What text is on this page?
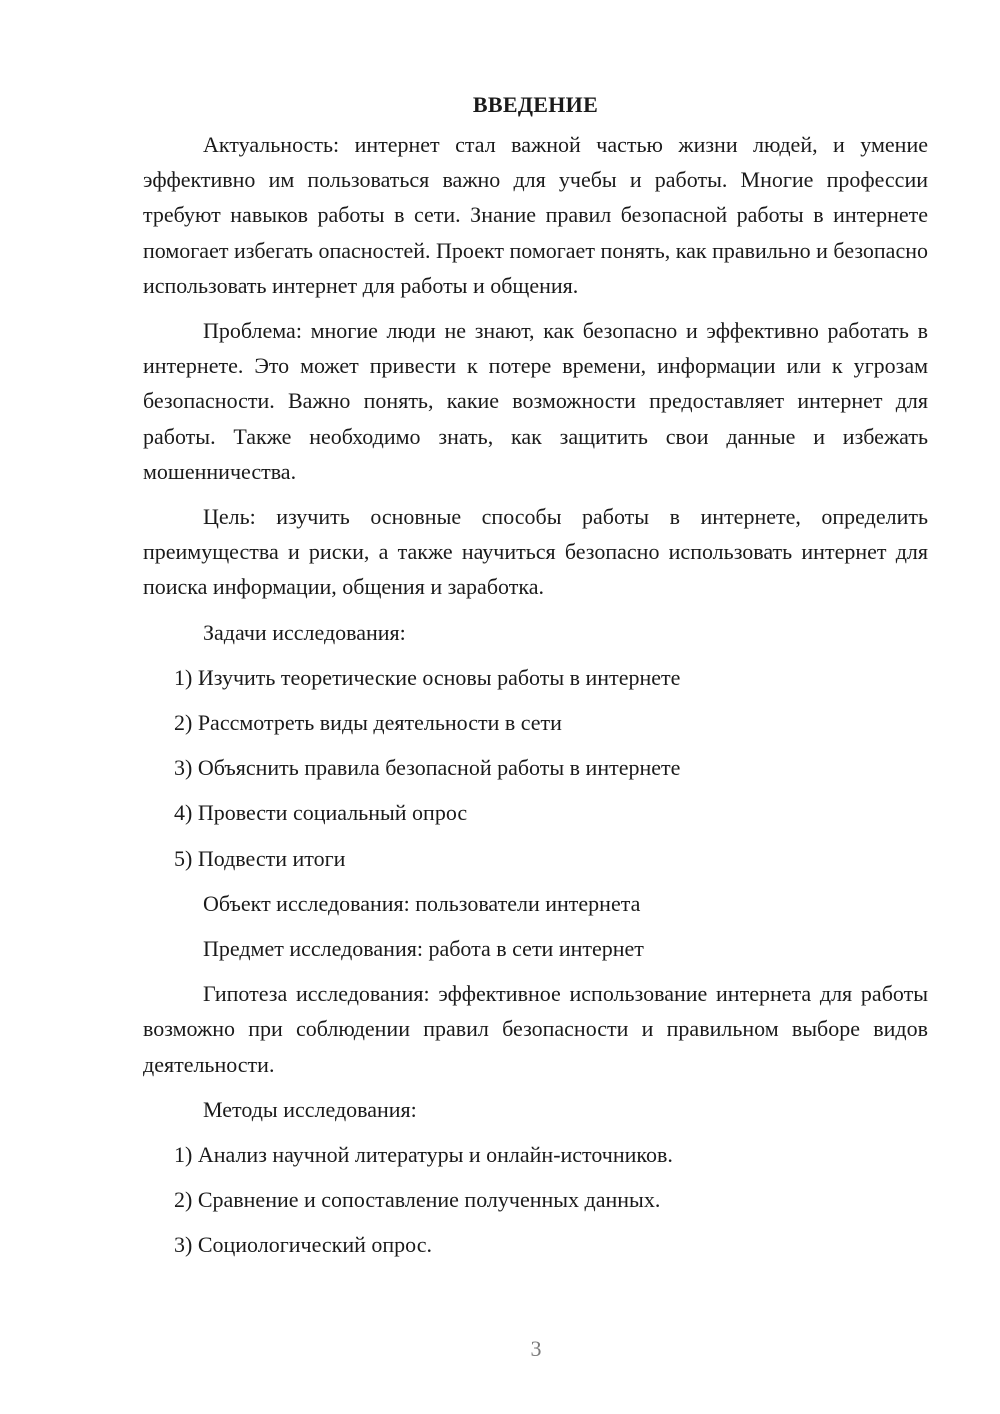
ВВЕДЕНИЕ

Актуальность: интернет стал важной частью жизни людей, и умение эффективно им пользоваться важно для учебы и работы. Многие профессии требуют навыков работы в сети. Знание правил безопасной работы в интернете помогает избегать опасностей. Проект помогает понять, как правильно и безопасно использовать интернет для работы и общения.

Проблема: многие люди не знают, как безопасно и эффективно работать в интернете. Это может привести к потере времени, информации или к угрозам безопасности. Важно понять, какие возможности предоставляет интернет для работы. Также необходимо знать, как защитить свои данные и избежать мошенничества.

Цель: изучить основные способы работы в интернете, определить преимущества и риски, а также научиться безопасно использовать интернет для поиска информации, общения и заработка.

Задачи исследования:

1) Изучить теоретические основы работы в интернете

2) Рассмотреть виды деятельности в сети

3) Объяснить правила безопасной работы в интернете

4) Провести социальный опрос

5) Подвести итоги

Объект исследования: пользователи интернета

Предмет исследования: работа в сети интернет

Гипотеза исследования: эффективное использование интернета для работы возможно при соблюдении правил безопасности и правильном выборе видов деятельности.

Методы исследования:

1) Анализ научной литературы и онлайн-источников.

2) Сравнение и сопоставление полученных данных.

3) Социологический опрос.

3
